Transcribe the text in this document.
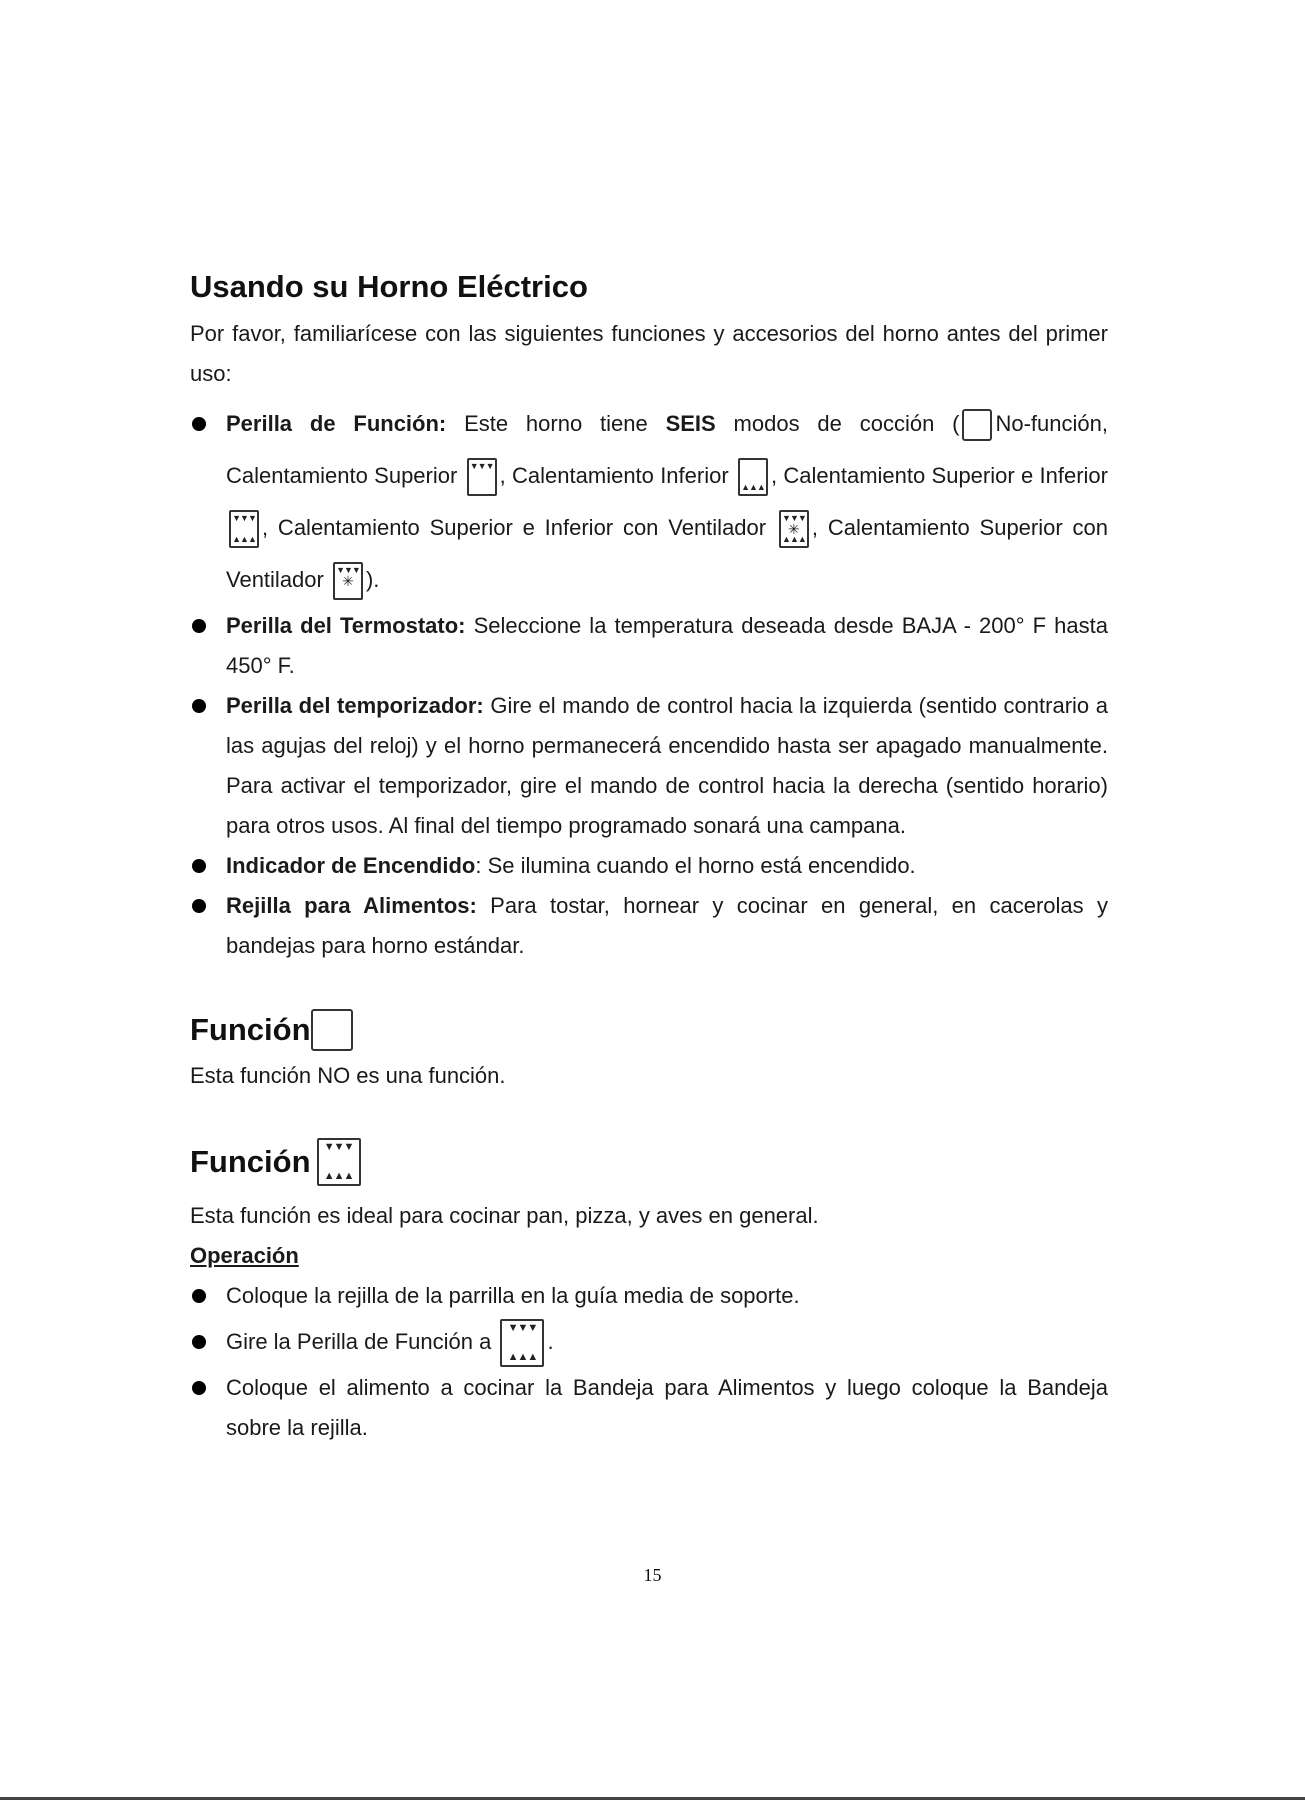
Usando su Horno Eléctrico

Por favor, familiarícese con las siguientes funciones y accesorios del horno antes del primer uso:

Perilla de Función: Este horno tiene SEIS modos de cocción ( No-función, Calentamiento Superior ▼▼▼ , Calentamiento Inferior ▲▲▲ , Calentamiento Superior e Inferior
▼▼▼
▲▲▲ , Calentamiento Superior e Inferior con Ventilador ▼▼▼
✳
▲▲▲ , Calentamiento Superior con Ventilador ▼▼▼
✳ ).
Perilla del Termostato: Seleccione la temperatura deseada desde BAJA - 200° F hasta 450° F.
Perilla del temporizador: Gire el mando de control hacia la izquierda (sentido contrario a las agujas del reloj) y el horno permanecerá encendido hasta ser apagado manualmente. Para activar el temporizador, gire el mando de control hacia la derecha (sentido horario) para otros usos. Al final del tiempo programado sonará una campana.
Indicador de Encendido: Se ilumina cuando el horno está encendido.
Rejilla para Alimentos: Para tostar, hornear y cocinar en general, en cacerolas y bandejas para horno estándar.
Función

Esta función NO es una función.

Función	▼▼▼
▲▲▲

Esta función es ideal para cocinar pan, pizza, y aves en general.

Operación
Coloque la rejilla de la parrilla en la guía media de soporte.
Gire la Perilla de Función a
▼▼▼
▲▲▲
.
Coloque el alimento a cocinar la Bandeja para Alimentos y luego coloque la Bandeja sobre la rejilla.
15
